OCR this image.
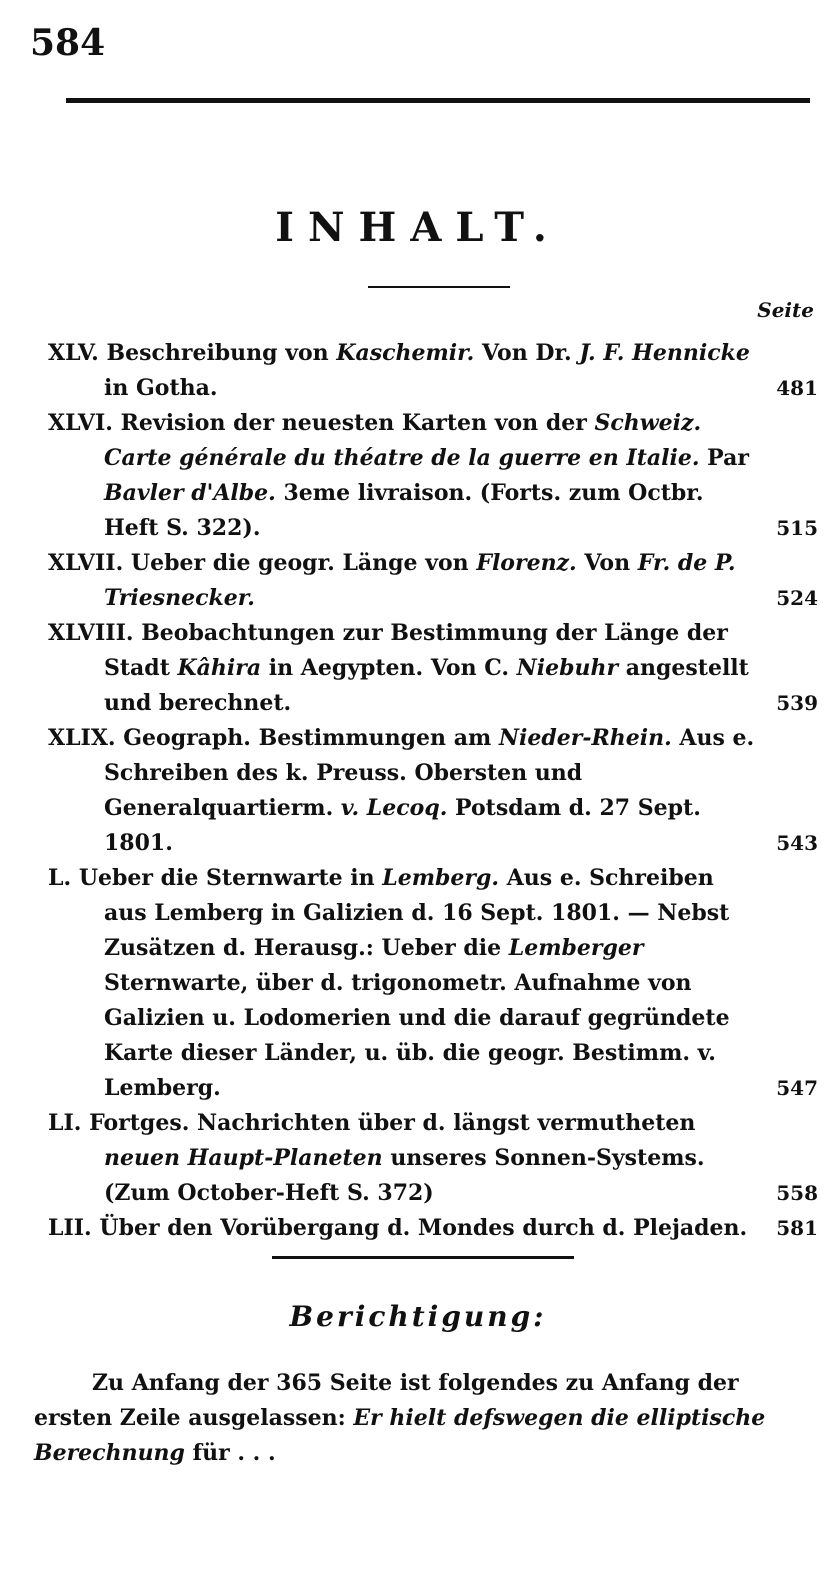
584
INHALT.
Seite
XLV. Beschreibung von Kaschemir. Von Dr. J. F. Hennicke in Gotha.	481
XLVI. Revision der neuesten Karten von der Schweiz. Carte générale du théatre de la guerre en Italie. Par Bavler d'Albe. 3eme livraison. (Forts. zum Octbr. Heft S. 322).	515
XLVII. Ueber die geogr. Länge von Florenz. Von Fr. de P. Triesnecker.	524
XLVIII. Beobachtungen zur Bestimmung der Länge der Stadt Kâhira in Aegypten. Von C. Niebuhr angestellt und berechnet.	539
XLIX. Geograph. Bestimmungen am Nieder-Rhein. Aus e. Schreiben des k. Preuss. Obersten und Generalquartierm. v. Lecoq. Potsdam d. 27 Sept. 1801.	543
L. Ueber die Sternwarte in Lemberg. Aus e. Schreiben aus Lemberg in Galizien d. 16 Sept. 1801. — Nebst Zusätzen d. Herausg.: Ueber die Lemberger Sternwarte, über d. trigonometr. Aufnahme von Galizien u. Lodomerien und die darauf gegründete Karte dieser Länder, u. üb. die geogr. Bestimm. v. Lemberg.	547
LI. Fortges. Nachrichten über d. längst vermutheten neuen Haupt-Planeten unseres Sonnen-Systems. (Zum October-Heft S. 372)	558
LII. Über den Vorübergang d. Mondes durch d. Plejaden. 581
Berichtigung:
Zu Anfang der 365 Seite ist folgendes zu Anfang der ersten Zeile ausgelassen: Er hielt defswegen die elliptische Berechnung für . . .
